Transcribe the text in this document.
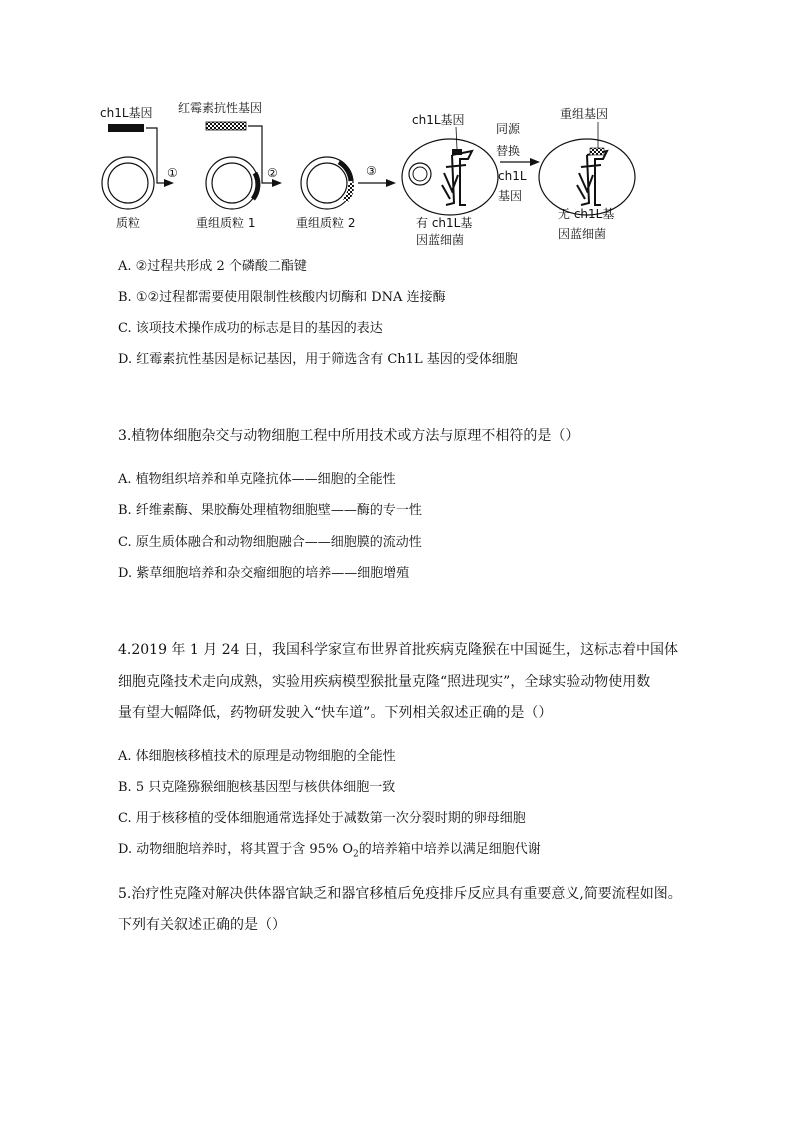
ch1L基因
①
红霉素抗性基因
②
质粒	重组质粒 1	重组质粒 2
③
ch1L基因
有 ch1L基
因蓝细菌
同源
替换
ch1L
基因
重组基因
无 ch1L基
因蓝细菌
A. ②过程共形成 2 个磷酸二酯键
B. ①②过程都需要使用限制性核酸内切酶和 DNA 连接酶
C. 该项技术操作成功的标志是目的基因的表达
D. 红霉素抗性基因是标记基因，用于筛选含有 Ch1L 基因的受体细胞
3.植物体细胞杂交与动物细胞工程中所用技术或方法与原理不相符的是（）
A. 植物组织培养和单克隆抗体——细胞的全能性
B. 纤维素酶、果胶酶处理植物细胞壁——酶的专一性
C. 原生质体融合和动物细胞融合——细胞膜的流动性
D. 紫草细胞培养和杂交瘤细胞的培养——细胞增殖
4.2019 年 1 月 24 日，我国科学家宣布世界首批疾病克隆猴在中国诞生，这标志着中国体
细胞克隆技术走向成熟，实验用疾病模型猴批量克隆“照进现实”，全球实验动物使用数
量有望大幅降低，药物研发驶入“快车道”。下列相关叙述正确的是（）
A. 体细胞核移植技术的原理是动物细胞的全能性
B. 5 只克隆猕猴细胞核基因型与核供体细胞一致
C. 用于核移植的受体细胞通常选择处于减数第一次分裂时期的卵母细胞
D. 动物细胞培养时，将其置于含 95% $O_2$的培养箱中培养以满足细胞代谢
5.治疗性克隆对解决供体器官缺乏和器官移植后免疫排斥反应具有重要意义,简要流程如图。
下列有关叙述正确的是（）
